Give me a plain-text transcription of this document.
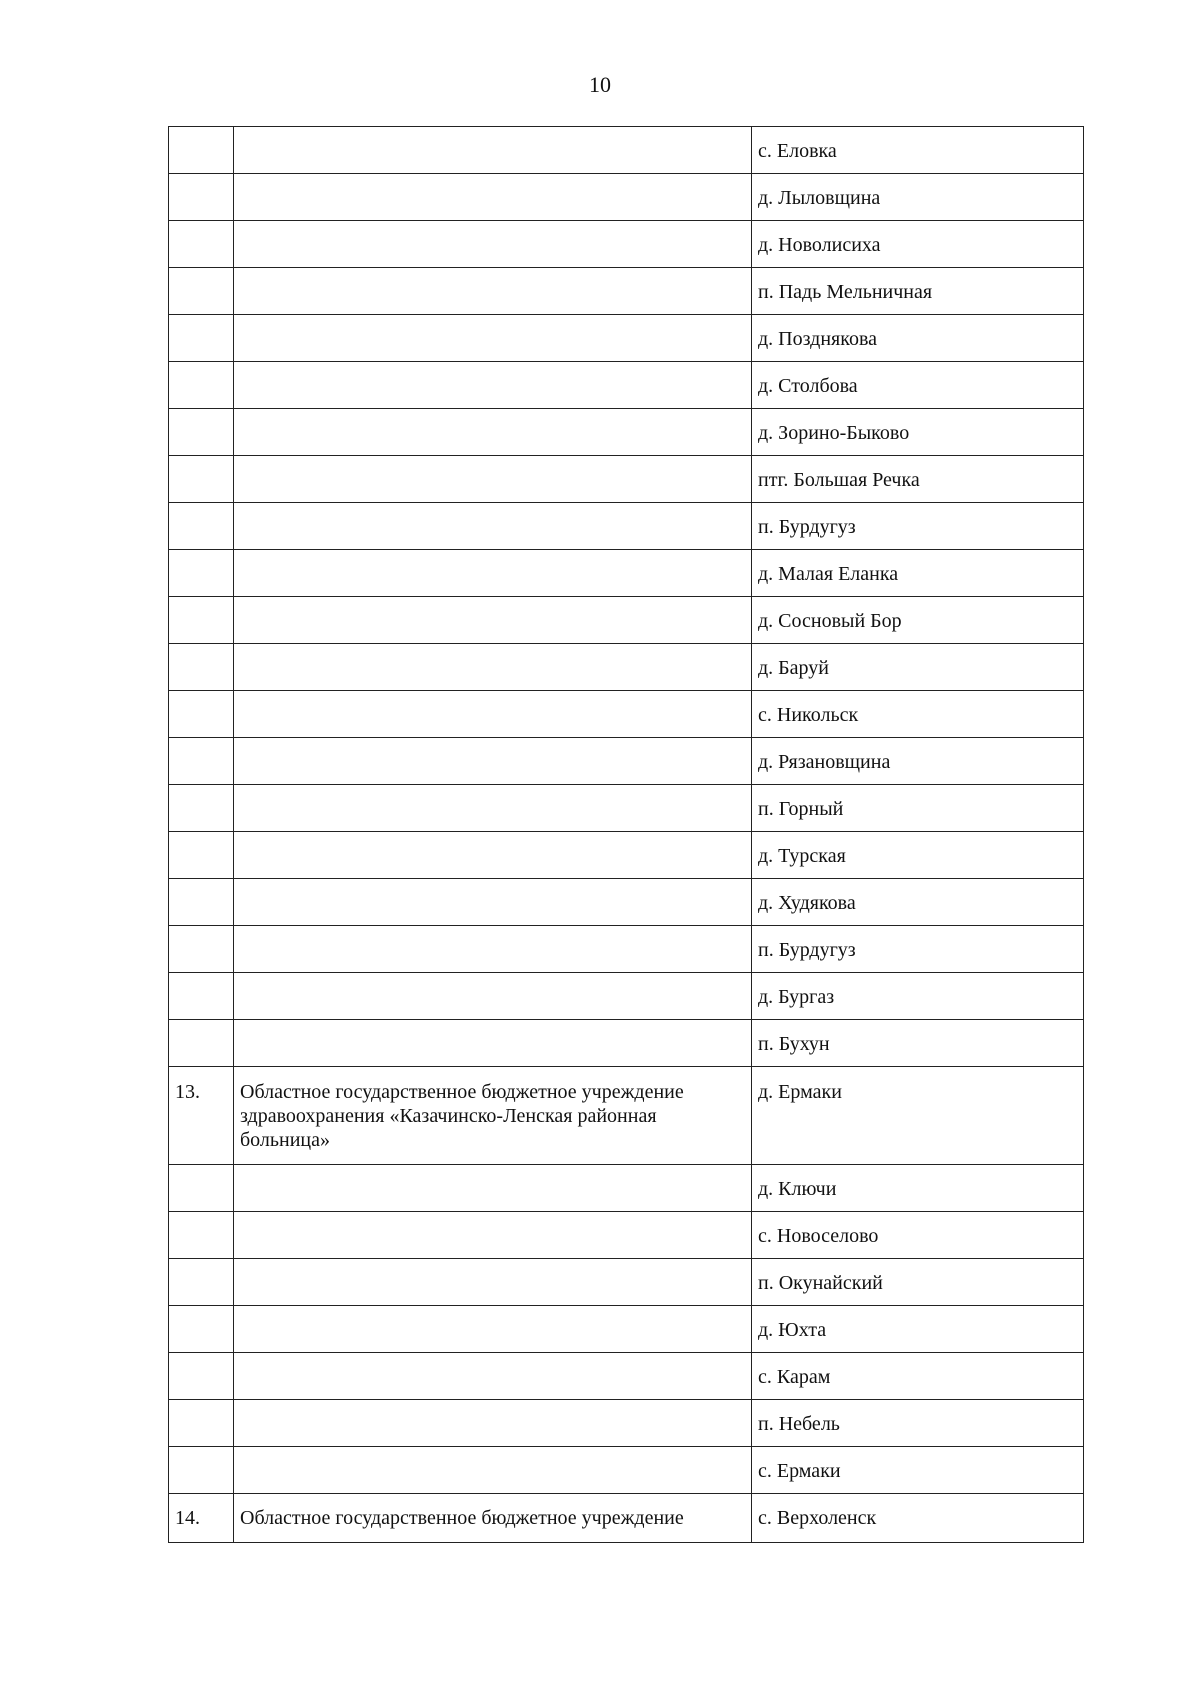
10
		с. Еловка
		д. Лыловщина
		д. Новолисиха
		п. Падь Мельничная
		д. Позднякова
		д. Столбова
		д. Зорино-Быково
		птг. Большая Речка
		п. Бурдугуз
		д. Малая Еланка
		д. Сосновый Бор
		д. Баруй
		с. Никольск
		д. Рязановщина
		п. Горный
		д. Турская
		д. Худякова
		п. Бурдугуз
		д. Бургаз
		п. Бухун
13.	Областное государственное бюджетное учреждение здравоохранения «Казачинско-Ленская районная больница»	д. Ермаки
		д. Ключи
		с. Новоселово
		п. Окунайский
		д. Юхта
		с. Карам
		п. Небель
		с. Ермаки
14.	Областное государственное бюджетное учреждение	с. Верхоленск
